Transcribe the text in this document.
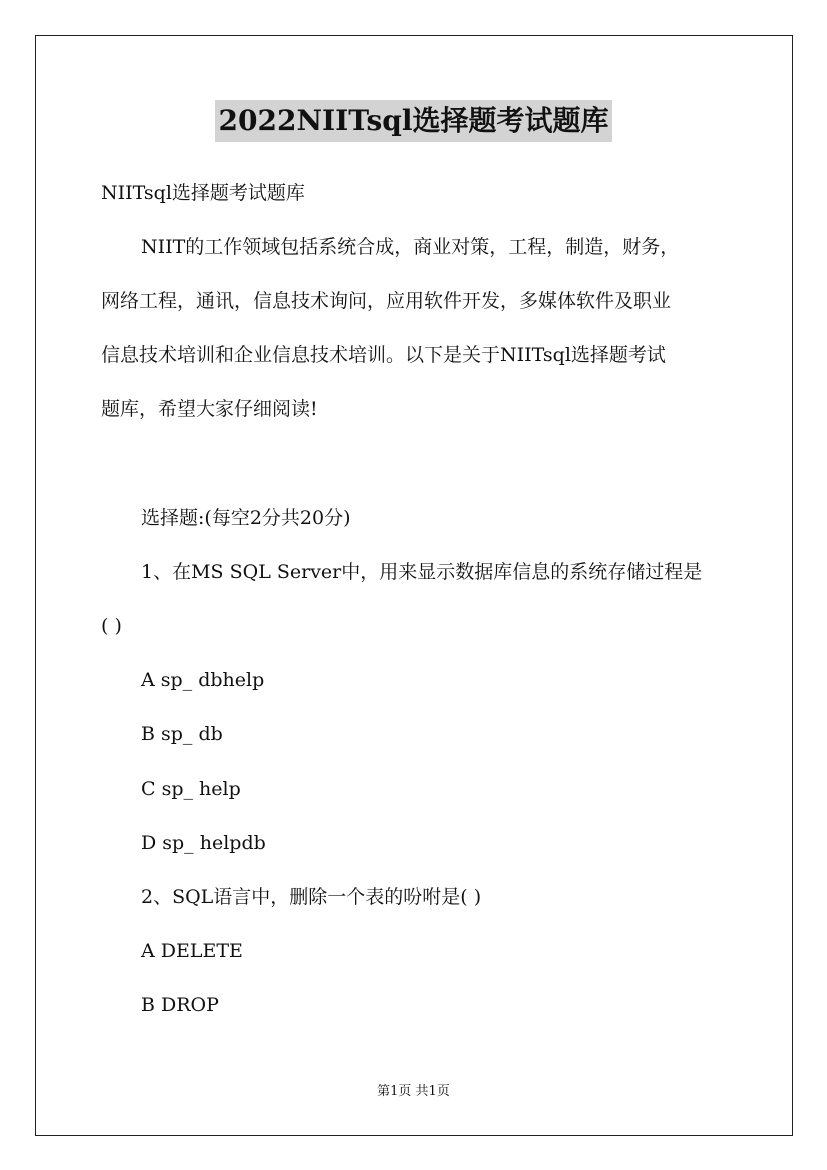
2022NIITsql选择题考试题库
NIITsql选择题考试题库
NIIT的工作领域包括系统合成，商业对策，工程，制造，财务，
网络工程，通讯，信息技术询问，应用软件开发，多媒体软件及职业
信息技术培训和企业信息技术培训。以下是关于NIITsql选择题考试
题库，希望大家仔细阅读!
选择题:(每空2分共20分)
1、在MS SQL Server中，用来显示数据库信息的系统存储过程是
( )
A sp_ dbhelp
B sp_ db
C sp_ help
D sp_ helpdb
2、SQL语言中，删除一个表的吩咐是( )
A DELETE
B DROP
第1页 共1页
